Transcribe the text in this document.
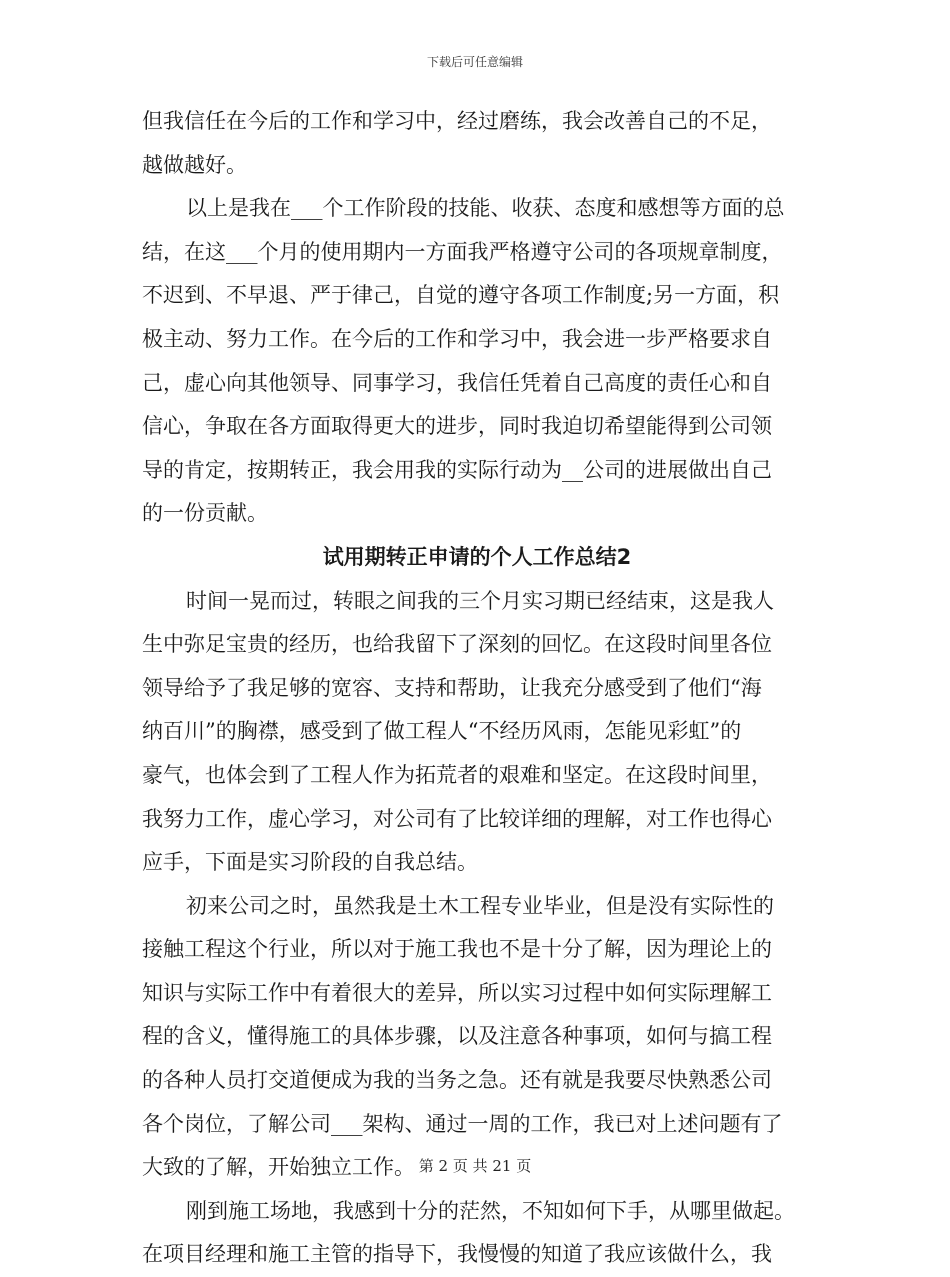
下载后可任意编辑
但我信任在今后的工作和学习中，经过磨练，我会改善自己的不足，
越做越好。
以上是我在___个工作阶段的技能、收获、态度和感想等方面的总
结，在这___个月的使用期内一方面我严格遵守公司的各项规章制度，
不迟到、不早退、严于律己，自觉的遵守各项工作制度;另一方面，积
极主动、努力工作。在今后的工作和学习中，我会进一步严格要求自
己，虚心向其他领导、同事学习，我信任凭着自己高度的责任心和自
信心，争取在各方面取得更大的进步，同时我迫切希望能得到公司领
导的肯定，按期转正，我会用我的实际行动为__公司的进展做出自己
的一份贡献。
试用期转正申请的个人工作总结2
时间一晃而过，转眼之间我的三个月实习期已经结束，这是我人
生中弥足宝贵的经历，也给我留下了深刻的回忆。在这段时间里各位
领导给予了我足够的宽容、支持和帮助，让我充分感受到了他们“海
纳百川”的胸襟，感受到了做工程人“不经历风雨，怎能见彩虹”的
豪气，也体会到了工程人作为拓荒者的艰难和坚定。在这段时间里，
我努力工作，虚心学习，对公司有了比较详细的理解，对工作也得心
应手，下面是实习阶段的自我总结。
初来公司之时，虽然我是土木工程专业毕业，但是没有实际性的
接触工程这个行业，所以对于施工我也不是十分了解，因为理论上的
知识与实际工作中有着很大的差异，所以实习过程中如何实际理解工
程的含义，懂得施工的具体步骤，以及注意各种事项，如何与搞工程
的各种人员打交道便成为我的当务之急。还有就是我要尽快熟悉公司
各个岗位，了解公司___架构、通过一周的工作，我已对上述问题有了
大致的了解，开始独立工作。
刚到施工场地，我感到十分的茫然，不知如何下手，从哪里做起。
在项目经理和施工主管的指导下，我慢慢的知道了我应该做什么，我
第 2 页 共 21 页
